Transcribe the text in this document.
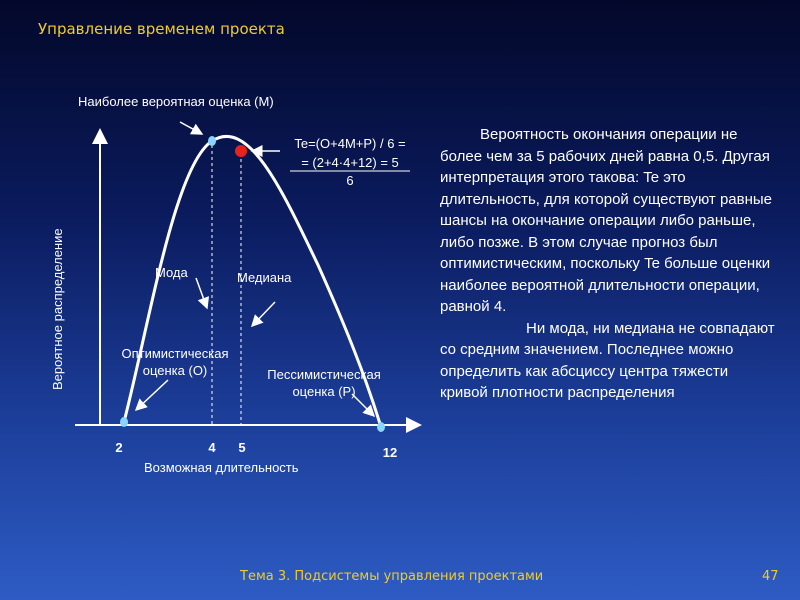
Управление временем проекта
Наиболее вероятная оценка (M)
Te=(O+4M+P) / 6 =
= (2+4·4+12) = 5
6
Мода	Медиана
Оптимистическая
оценка (O)	Пессимистическая
оценка (P)
Вероятное распределение
Возможная длительность
2	4 5	12

Вероятность окончания операции не более чем за 5 рабочих дней равна 0,5. Другая интерпретация этого такова: Te это длительность, для которой существуют равные шансы на окончание операции либо раньше, либо позже. В этом случае прогноз был оптимистическим, поскольку Te больше оценки наиболее вероятной длительности операции, равной 4.

Ни мода, ни медиана не совпадают со средним значением. Последнее можно определить как абсциссу центра тяжести кривой плотности распределения

Тема 3. Подсистемы управления проектами	47
